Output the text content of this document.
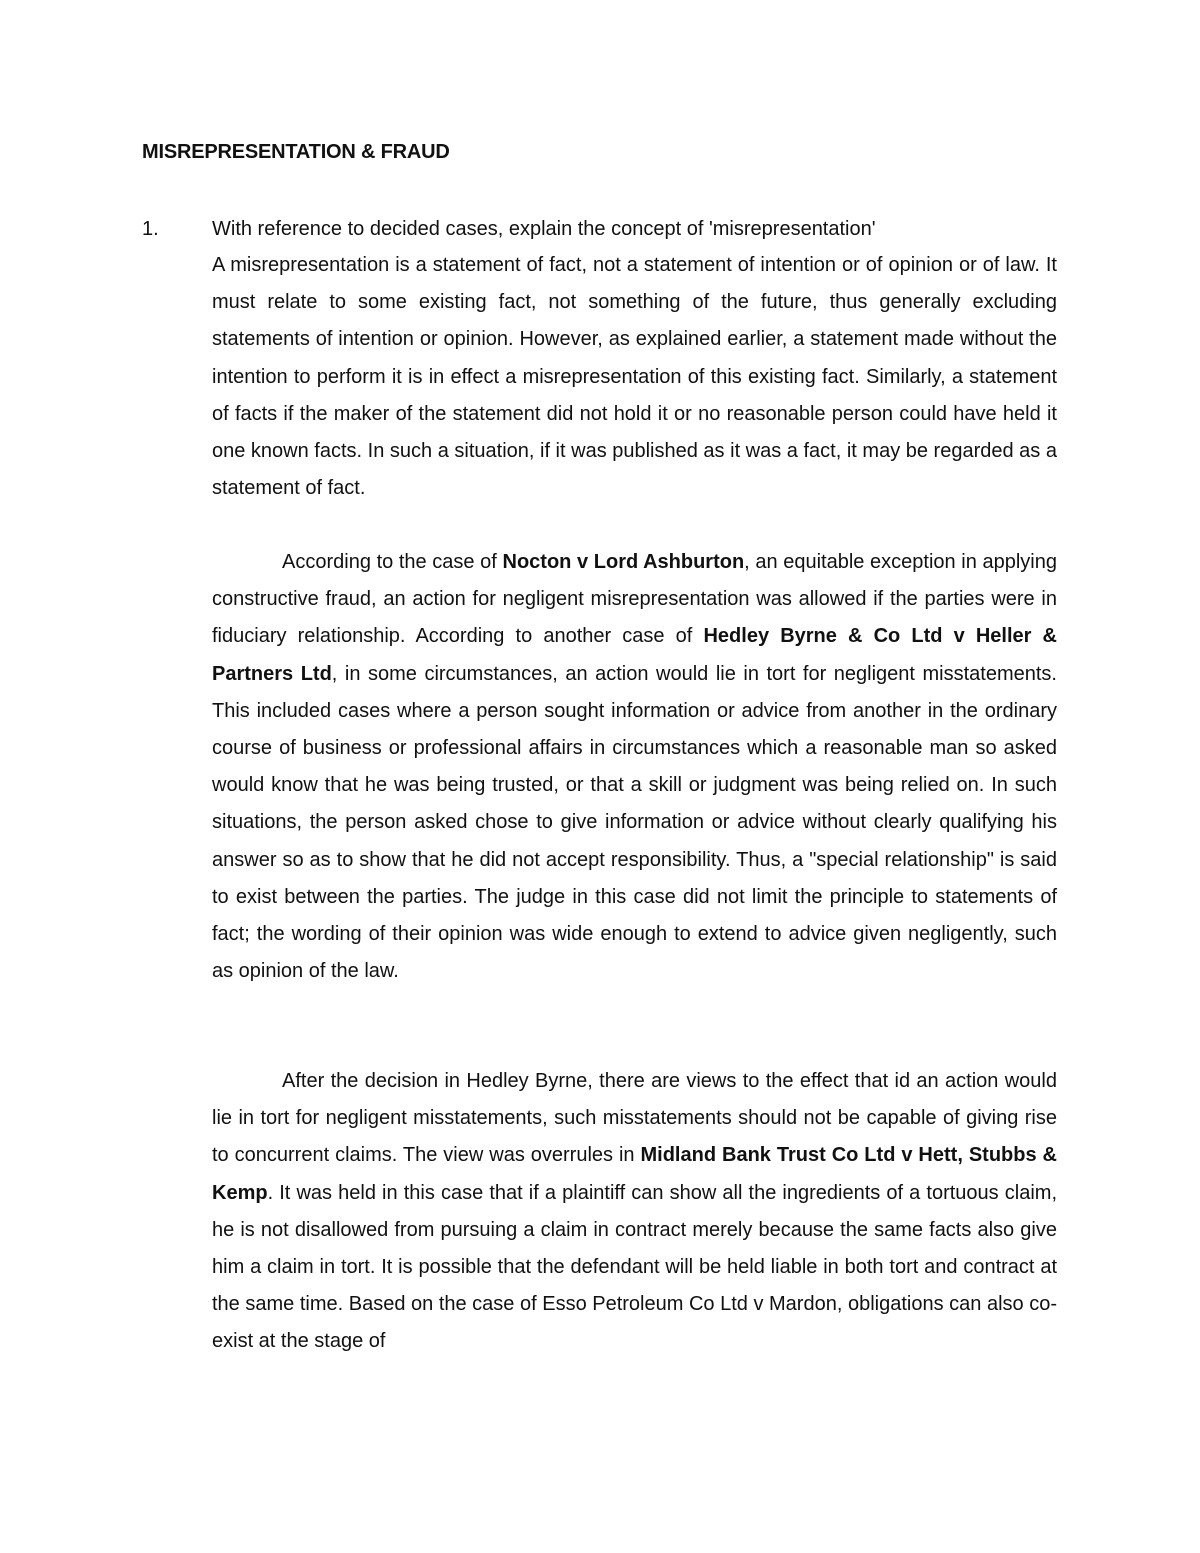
MISREPRESENTATION & FRAUD
1.	With reference to decided cases, explain the concept of 'misrepresentation'

A misrepresentation is a statement of fact, not a statement of intention or of opinion or of law. It must relate to some existing fact, not something of the future, thus generally excluding statements of intention or opinion. However, as explained earlier, a statement made without the intention to perform it is in effect a misrepresentation of this existing fact. Similarly, a statement of facts if the maker of the statement did not hold it or no reasonable person could have held it one known facts. In such a situation, if it was published as it was a fact, it may be regarded as a statement of fact.

According to the case of Nocton v Lord Ashburton, an equitable exception in applying constructive fraud, an action for negligent misrepresentation was allowed if the parties were in fiduciary relationship. According to another case of Hedley Byrne & Co Ltd v Heller & Partners Ltd, in some circumstances, an action would lie in tort for negligent misstatements. This included cases where a person sought information or advice from another in the ordinary course of business or professional affairs in circumstances which a reasonable man so asked would know that he was being trusted, or that a skill or judgment was being relied on. In such situations, the person asked chose to give information or advice without clearly qualifying his answer so as to show that he did not accept responsibility. Thus, a "special relationship" is said to exist between the parties. The judge in this case did not limit the principle to statements of fact; the wording of their opinion was wide enough to extend to advice given negligently, such as opinion of the law.

After the decision in Hedley Byrne, there are views to the effect that id an action would lie in tort for negligent misstatements, such misstatements should not be capable of giving rise to concurrent claims. The view was overrules in Midland Bank Trust Co Ltd v Hett, Stubbs & Kemp. It was held in this case that if a plaintiff can show all the ingredients of a tortuous claim, he is not disallowed from pursuing a claim in contract merely because the same facts also give him a claim in tort. It is possible that the defendant will be held liable in both tort and contract at the same time. Based on the case of Esso Petroleum Co Ltd v Mardon, obligations can also co-exist at the stage of
